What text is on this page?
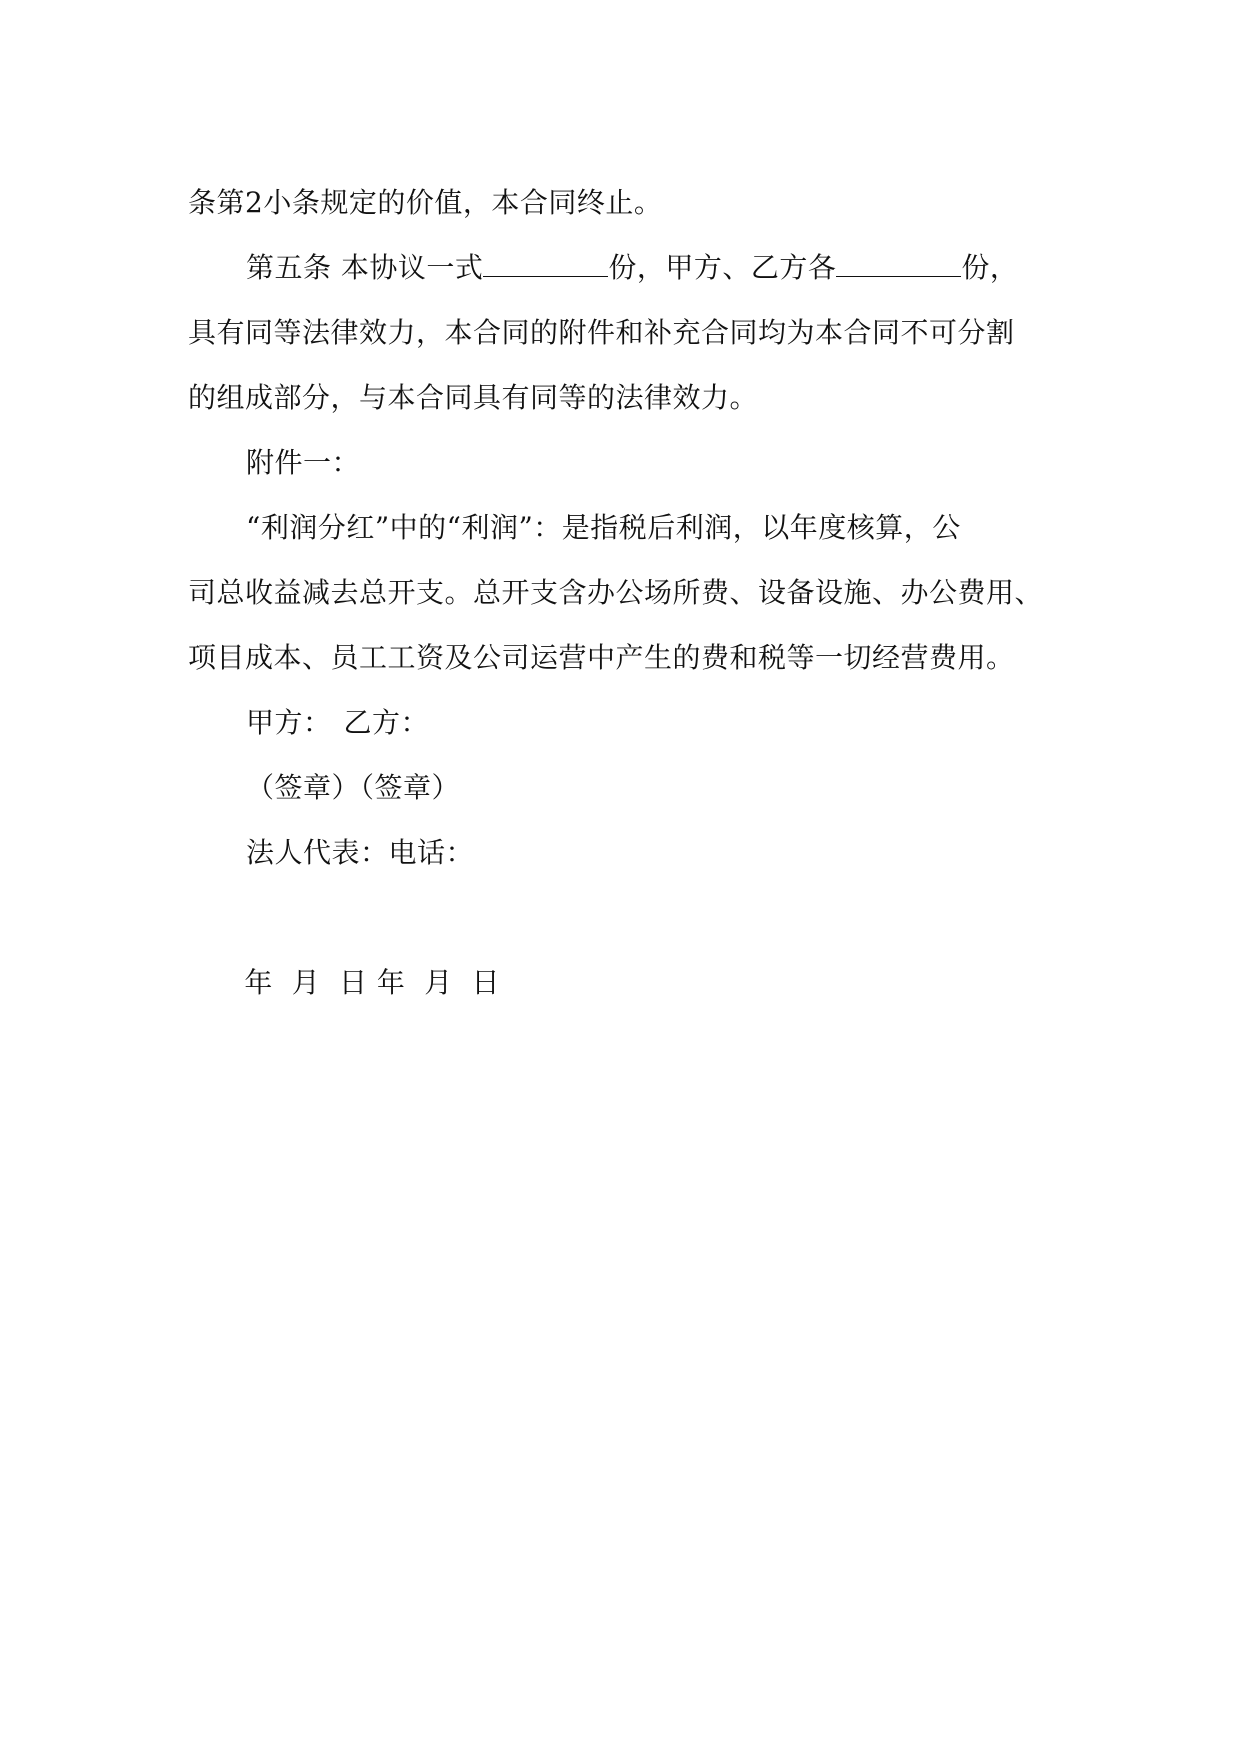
条第2小条规定的价值，本合同终止。

第五条 本协议一式	份，甲方、乙方各	份，

具有同等法律效力，本合同的附件和补充合同均为本合同不可分割

的组成部分，与本合同具有同等的法律效力。

附件一：

“利润分红”中的“利润”：是指税后利润，以年度核算，公

司总收益减去总开支。总开支含办公场所费、设备设施、办公费用、

项目成本、员工工资及公司运营中产生的费和税等一切经营费用。

甲方： 乙方：

（签章）（签章）

法人代表：电话：

年  月  日 年  月  日
